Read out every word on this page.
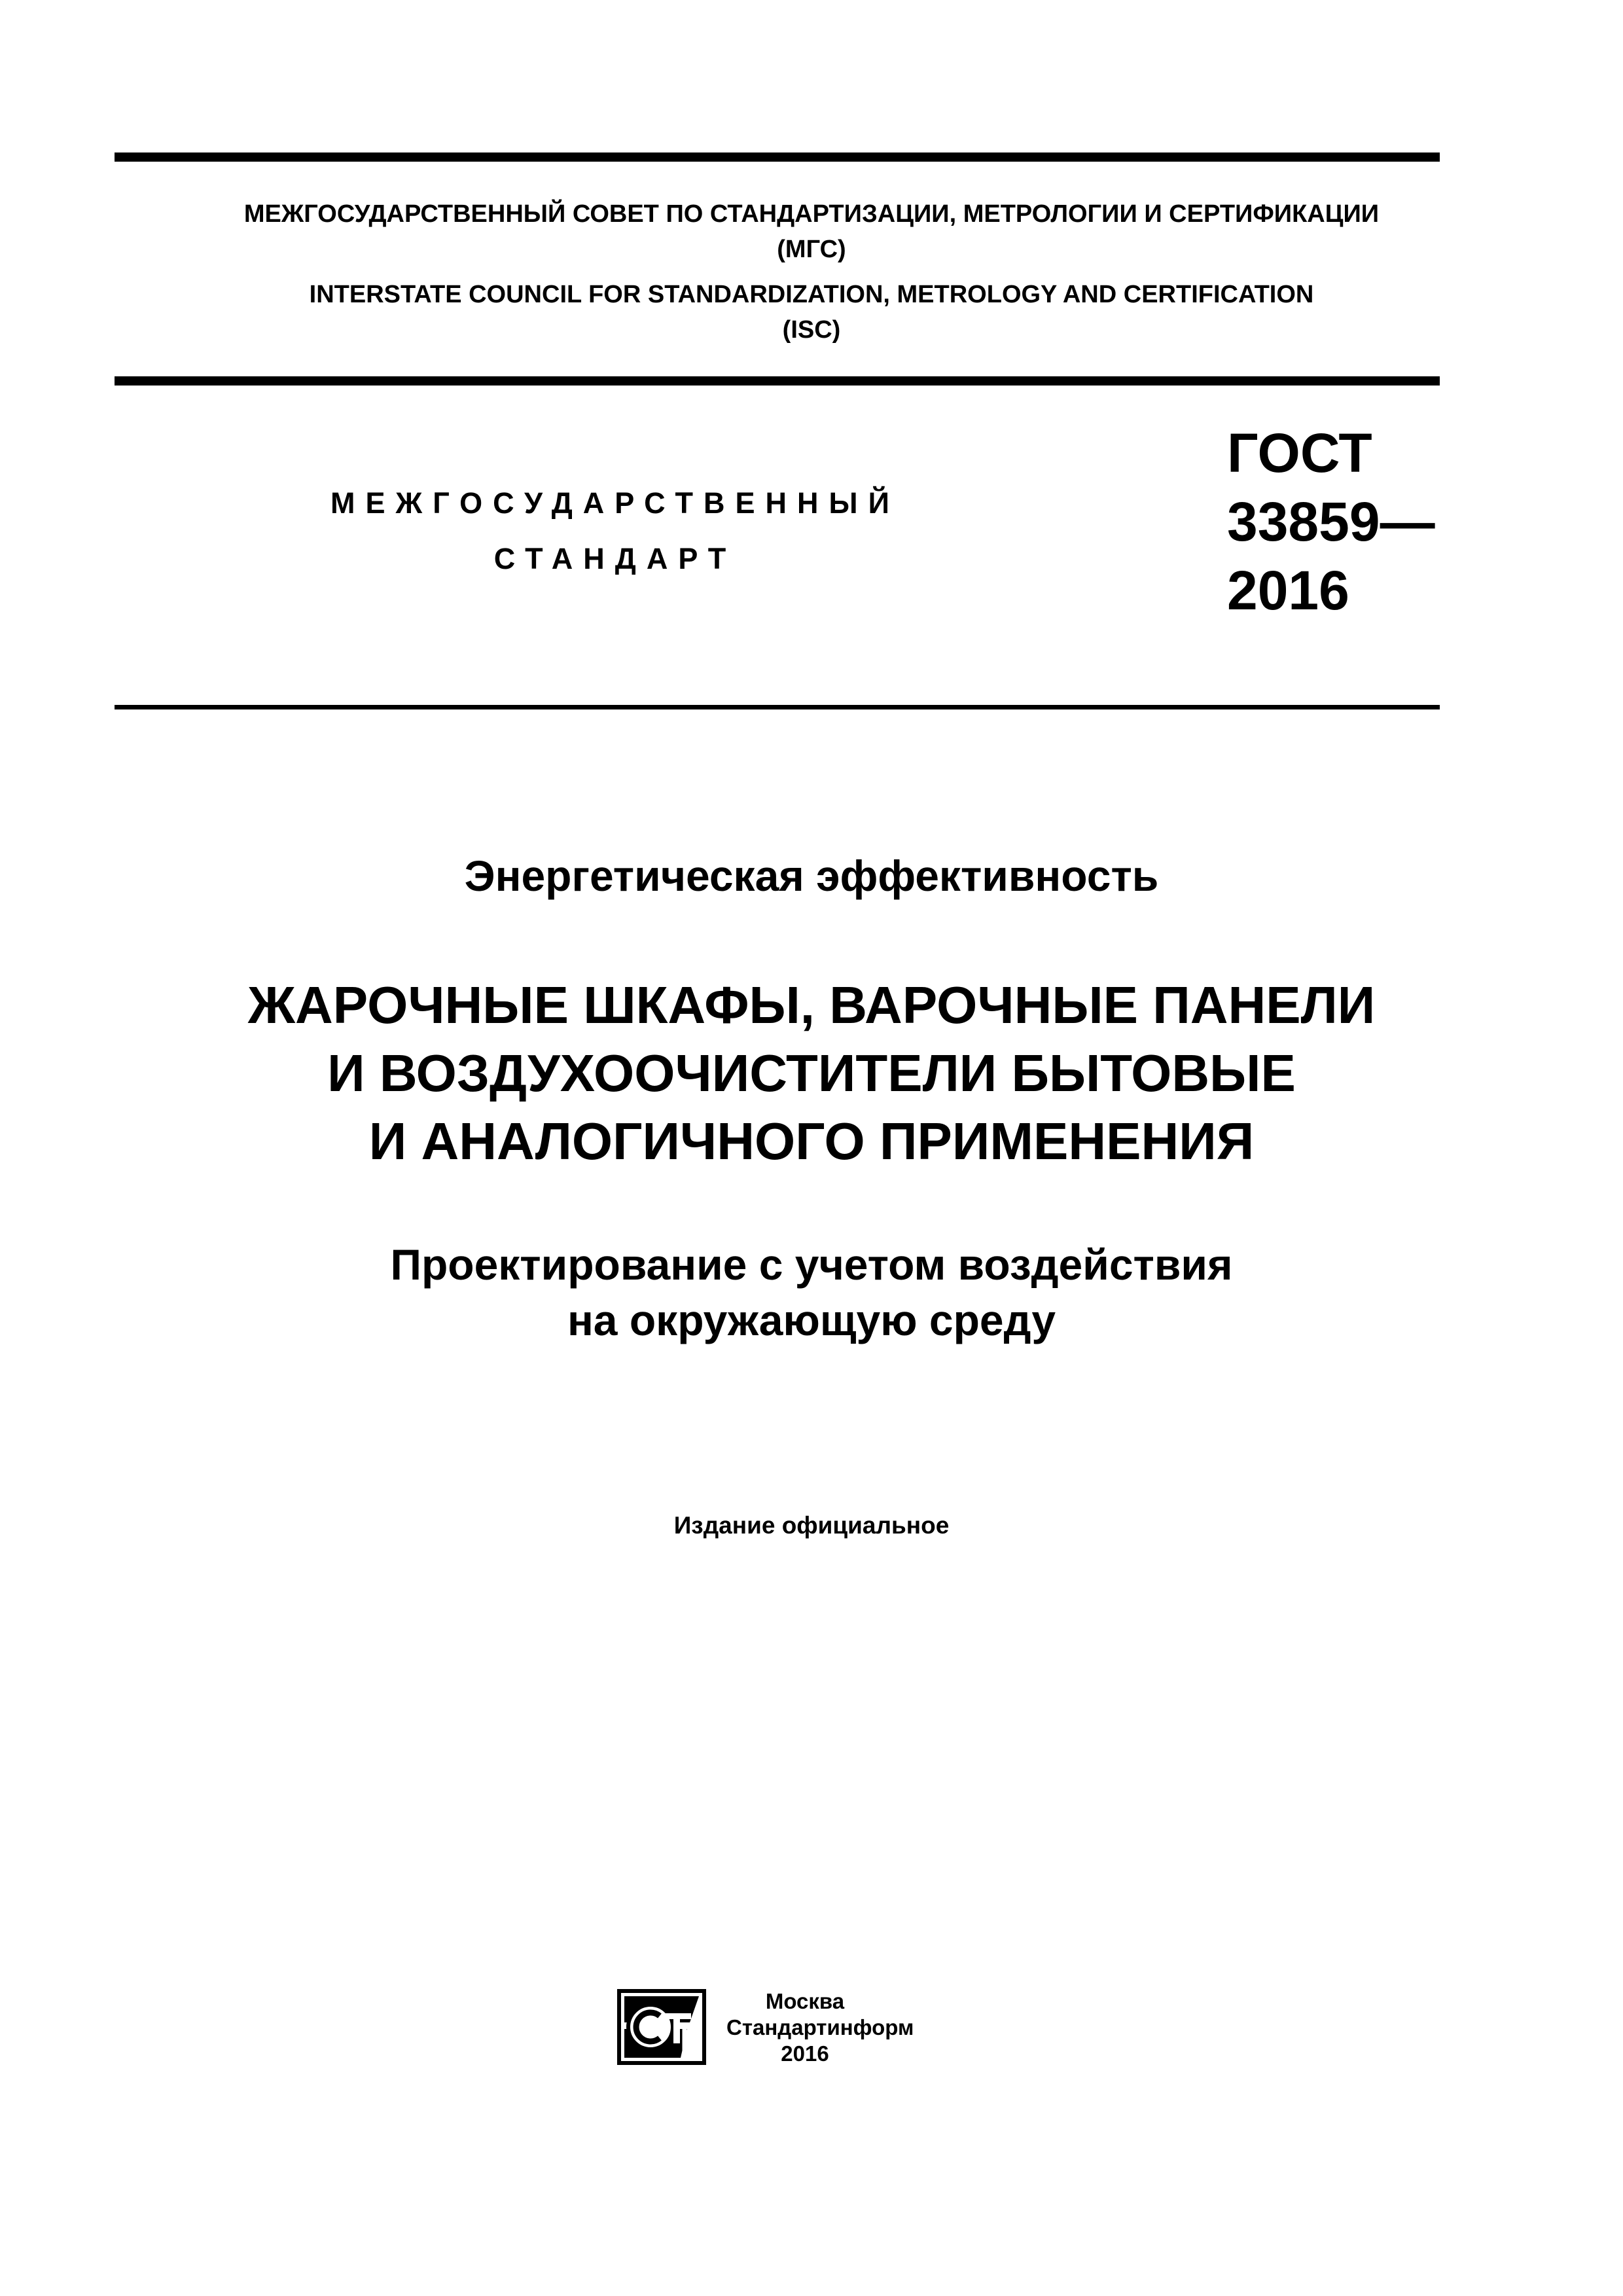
МЕЖГОСУДАРСТВЕННЫЙ СОВЕТ ПО СТАНДАРТИЗАЦИИ, МЕТРОЛОГИИ И СЕРТИФИКАЦИИ
(МГС)
INTERSTATE COUNCIL FOR STANDARDIZATION, METROLOGY AND CERTIFICATION
(ISC)
МЕЖГОСУДАРСТВЕННЫЙ
СТАНДАРТ
ГОСТ
33859—
2016
Энергетическая эффективность
ЖАРОЧНЫЕ ШКАФЫ, ВАРОЧНЫЕ ПАНЕЛИ
И ВОЗДУХООЧИСТИТЕЛИ БЫТОВЫЕ
И АНАЛОГИЧНОГО ПРИМЕНЕНИЯ
Проектирование с учетом воздействия
на окружающую среду
Издание официальное
Москва
Стандартинформ
2016
